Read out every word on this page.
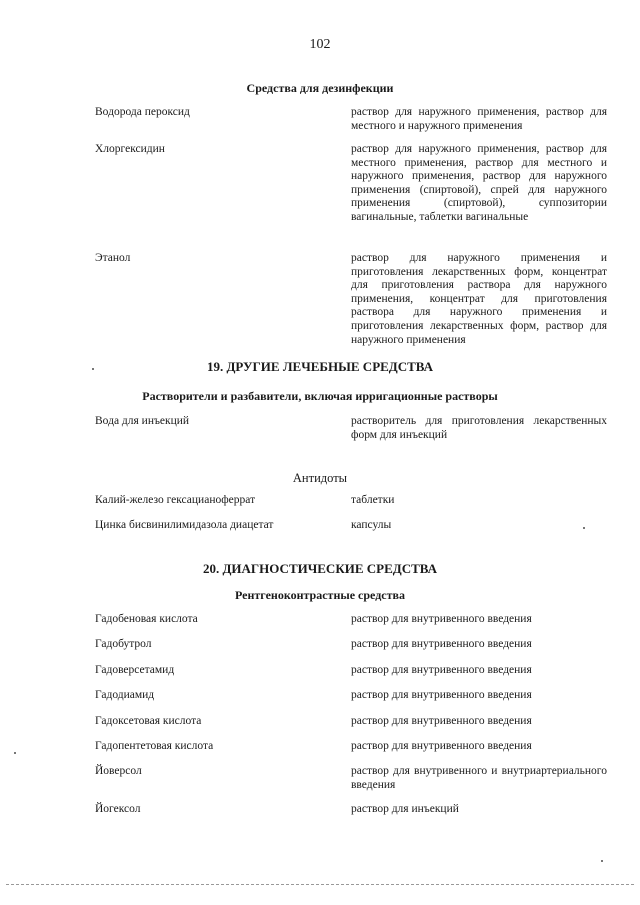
102
Средства для дезинфекции
Водорода пероксид	раствор для наружного применения, раствор для местного и наружного применения
Хлоргексидин	раствор для наружного применения, раствор для местного применения, раствор для местного и наружного применения, раствор для наружного применения (спиртовой), спрей для наружного применения (спиртовой), суппозитории вагинальные, таблетки вагинальные
Этанол	раствор для наружного применения и приготовления лекарственных форм, концентрат для приготовления раствора для наружного применения, концентрат для приготовления раствора для наружного применения и приготовления лекарственных форм, раствор для наружного применения
19. ДРУГИЕ ЛЕЧЕБНЫЕ СРЕДСТВА
Растворители и разбавители, включая ирригационные растворы
Вода для инъекций	растворитель для приготовления лекарственных форм для инъекций
Антидоты
Калий-железо гексацианоферрат	таблетки
Цинка бисвинилимидазола диацетат	капсулы
20. ДИАГНОСТИЧЕСКИЕ СРЕДСТВА
Рентгеноконтрастные средства
Гадобеновая кислота	раствор для внутривенного введения
Гадобутрол	раствор для внутривенного введения
Гадоверсетамид	раствор для внутривенного введения
Гадодиамид	раствор для внутривенного введения
Гадоксетовая кислота	раствор для внутривенного введения
Гадопентетовая кислота	раствор для внутривенного введения
Йоверсол	раствор для внутривенного и внутриартериального введения
Йогексол	раствор для инъекций
